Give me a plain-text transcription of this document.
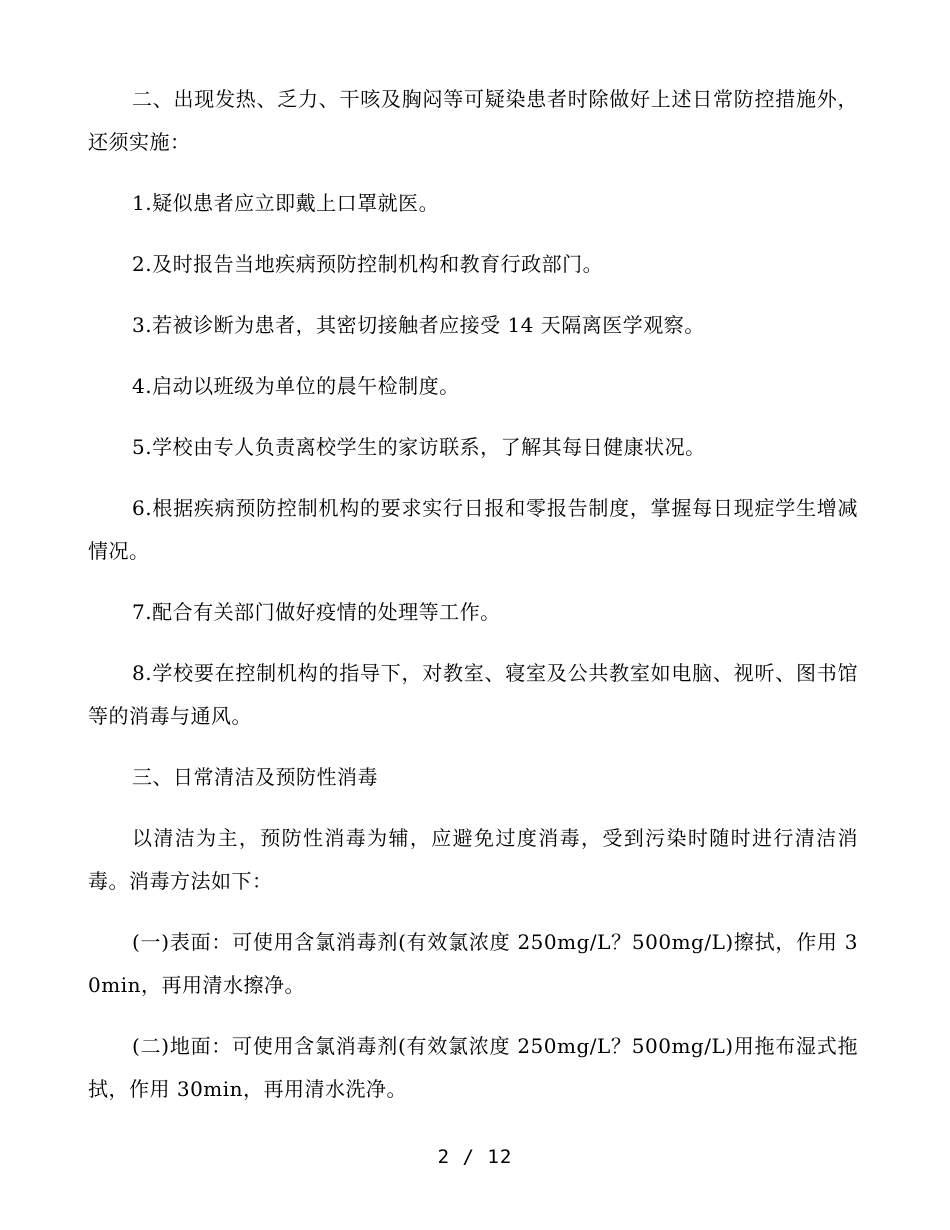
二、出现发热、乏力、干咳及胸闷等可疑染患者时除做好上述日常防控措施外，还须实施：

1.疑似患者应立即戴上口罩就医。

2.及时报告当地疾病预防控制机构和教育行政部门。

3.若被诊断为患者，其密切接触者应接受 14 天隔离医学观察。

4.启动以班级为单位的晨午检制度。

5.学校由专人负责离校学生的家访联系，了解其每日健康状况。

6.根据疾病预防控制机构的要求实行日报和零报告制度，掌握每日现症学生增减情况。

7.配合有关部门做好疫情的处理等工作。

8.学校要在控制机构的指导下，对教室、寝室及公共教室如电脑、视听、图书馆等的消毒与通风。

三、日常清洁及预防性消毒

以清洁为主，预防性消毒为辅，应避免过度消毒，受到污染时随时进行清洁消毒。消毒方法如下：

(一)表面：可使用含氯消毒剂(有效氯浓度 250mg/L？500mg/L)擦拭，作用 30min，再用清水擦净。

(二)地面：可使用含氯消毒剂(有效氯浓度 250mg/L？500mg/L)用拖布湿式拖拭，作用 30min，再用清水洗净。

2 / 12
